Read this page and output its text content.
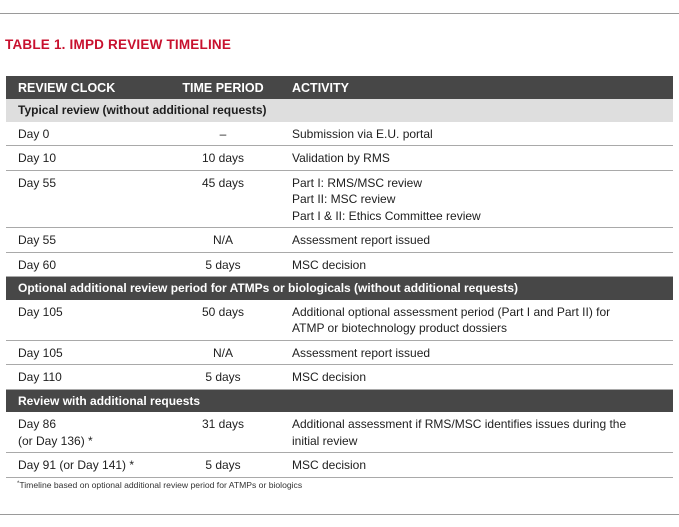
TABLE 1. IMPD REVIEW TIMELINE
REVIEW CLOCK	TIME PERIOD	ACTIVITY
Typical review (without additional requests)		

Day 0	–	Submission via E.U. portal

Day 10	10 days	Validation by RMS

Day 55	45 days	Part I: RMS/MSC review
Part II: MSC review
Part I & II: Ethics Committee review

Day 55	N/A	Assessment report issued

Day 60	5 days	MSC decision

Optional additional review period for ATMPs or biologicals (without additional requests)		

Day 105	50 days	Additional optional assessment period (Part I and Part II) for
ATMP or biotechnology product dossiers

Day 105	N/A	Assessment report issued

Day 110	5 days	MSC decision

Review with additional requests		

Day 86
(or Day 136) *	31 days	Additional assessment if RMS/MSC identifies issues during the
initial review

Day 91 (or Day 141) *	5 days	MSC decision
*Timeline based on optional additional review period for ATMPs or biologics
